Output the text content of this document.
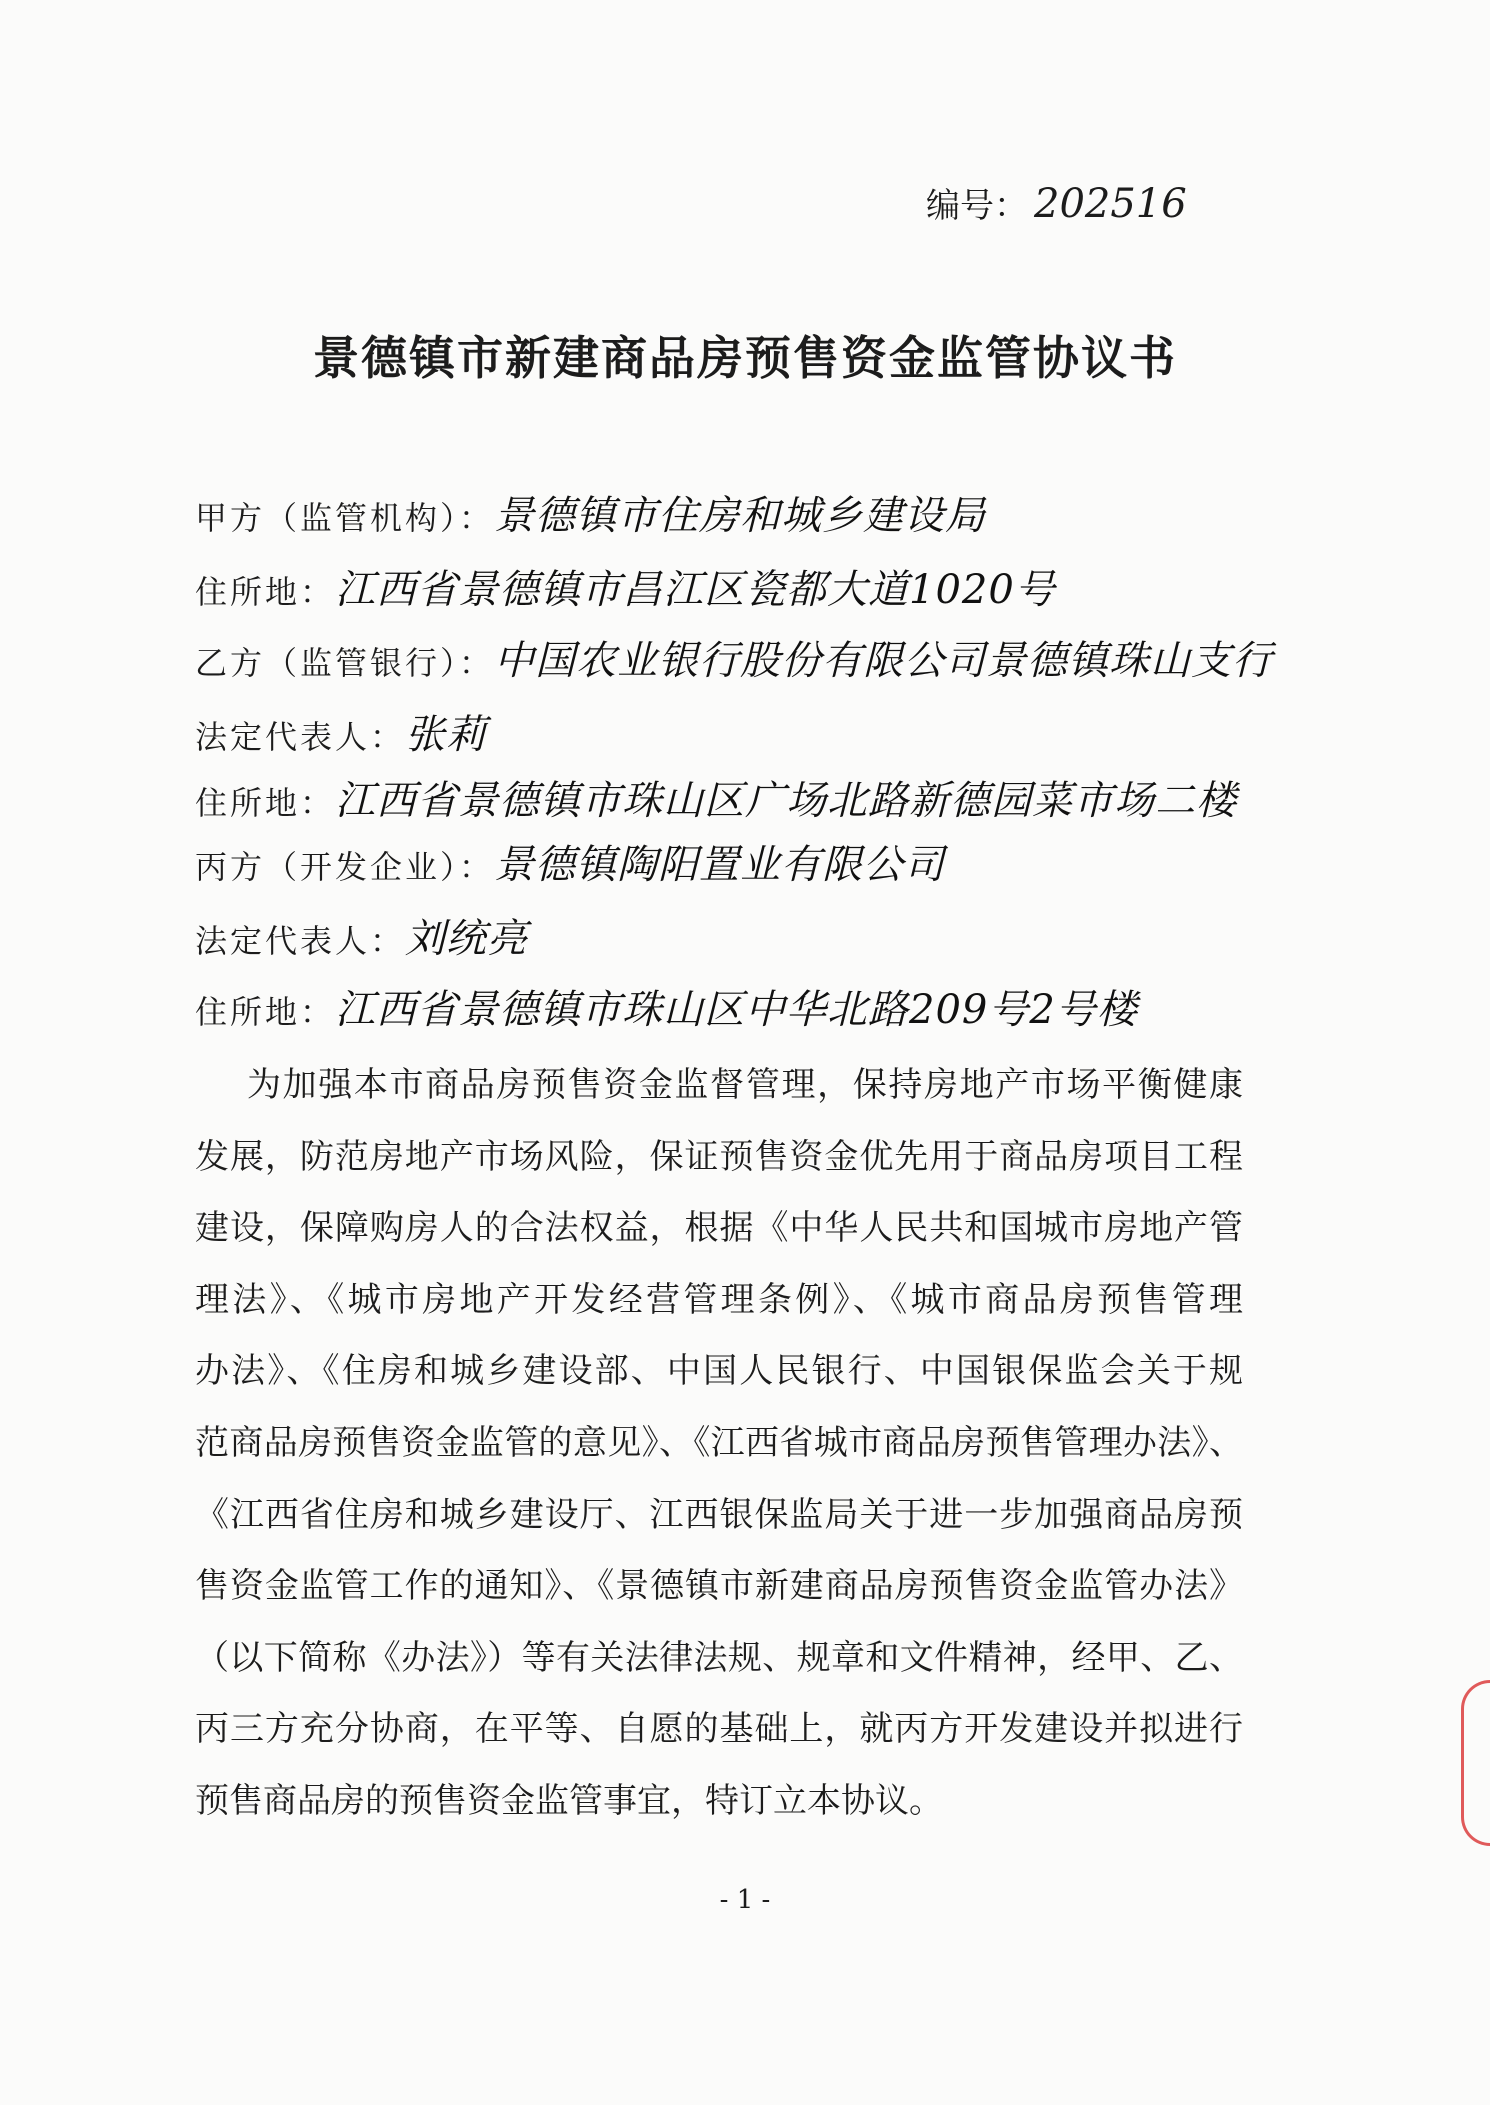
编号： 202516
景德镇市新建商品房预售资金监管协议书
甲方（监管机构）：景德镇市住房和城乡建设局
住所地：江西省景德镇市昌江区瓷都大道1020号
乙方（监管银行）：中国农业银行股份有限公司景德镇珠山支行
法定代表人：张莉
住所地：江西省景德镇市珠山区广场北路新德园菜市场二楼
丙方（开发企业）：景德镇陶阳置业有限公司
法定代表人：刘统亮
住所地：江西省景德镇市珠山区中华北路209号2号楼
为加强本市商品房预售资金监督管理，保持房地产市场平衡健康
发展，防范房地产市场风险，保证预售资金优先用于商品房项目工程
建设，保障购房人的合法权益，根据《中华人民共和国城市房地产管
理法》、《城市房地产开发经营管理条例》、《城市商品房预售管理
办法》、《住房和城乡建设部、中国人民银行、中国银保监会关于规
范商品房预售资金监管的意见》、《江西省城市商品房预售管理办法》、
《江西省住房和城乡建设厅、江西银保监局关于进一步加强商品房预
售资金监管工作的通知》、《景德镇市新建商品房预售资金监管办法》
（以下简称《办法》）等有关法律法规、规章和文件精神，经甲、乙、
丙三方充分协商，在平等、自愿的基础上，就丙方开发建设并拟进行
预售商品房的预售资金监管事宜，特订立本协议。
- 1 -
